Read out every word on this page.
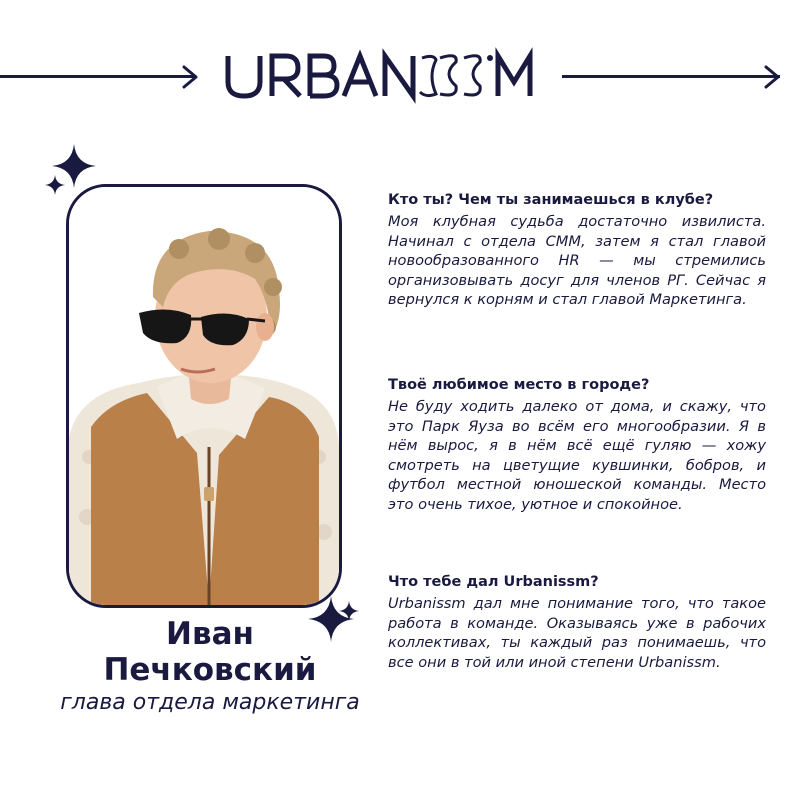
Иван
Печковский
глава отдела маркетинга

Кто ты? Чем ты занимаешься в клубе?

Моя клубная судьба достаточно извилиста. Начинал с отдела СММ, затем я стал главой новообразованного HR — мы стремились организовывать досуг для членов РГ. Сейчас я вернулся к корням и стал главой Маркетинга.

Твоё любимое место в городе?

Не буду ходить далеко от дома, и скажу, что это Парк Яуза во всём его многообразии. Я в нём вырос, я в нём всё ещё гуляю — хожу смотреть на цветущие кувшинки, бобров, и футбол местной юношеской команды. Место это очень тихое, уютное и спокойное.

Что тебе дал Urbanissm?

Urbanissm дал мне понимание того, что такое работа в команде. Оказываясь уже в рабочих коллективах, ты каждый раз понимаешь, что все они в той или иной степени Urbanissm.
